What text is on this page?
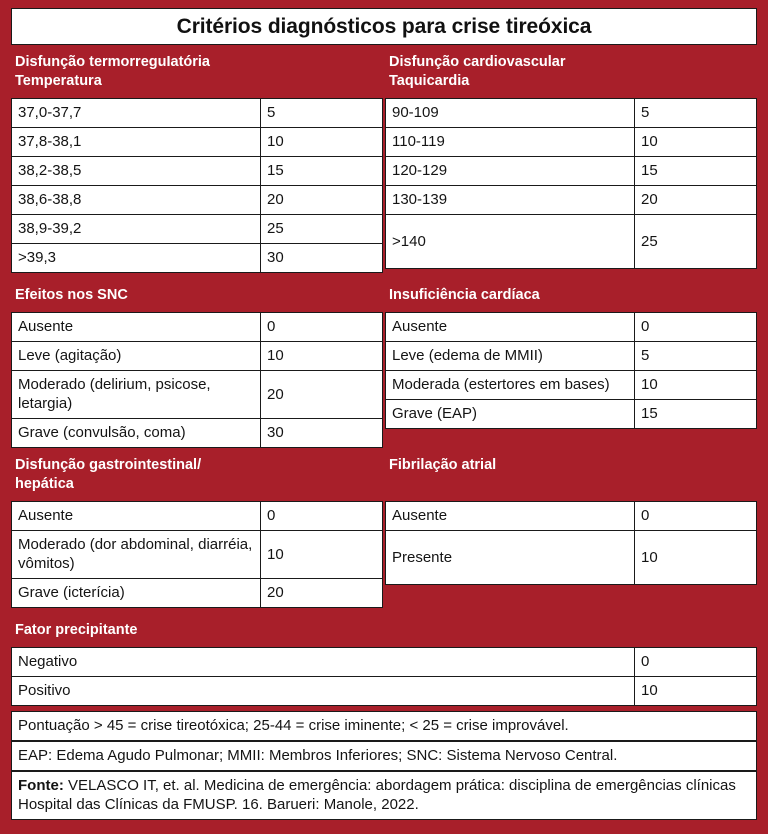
Critérios diagnósticos para crise tireóxica
Disfunção termorreguIatória
Temperatura
37,0-37,7	5
37,8-38,1	10
38,2-38,5	15
38,6-38,8	20
38,9-39,2	25
>39,3	30
Disfunção cardiovascular
Taquicardia
90-109	5
110-119	10
120-129	15
130-139	20
>140	25
Efeitos nos SNC
Ausente	0
Leve (agitação)	10
Moderado (delirium, psicose, letargia)	20
Grave (convulsão, coma)	30
Insuficiência cardíaca
Ausente	0
Leve (edema de MMII)	5
Moderada (estertores em bases)	10
Grave (EAP)	15
Disfunção gastrointestinal/
hepática
Ausente	0
Moderado (dor abdominal, diarréia, vômitos)	10
Grave (icterícia)	20
Fibrilação atrial

Ausente	0
Presente	10
Fator precipitante
Negativo	0
Positivo	10
Pontuação > 45 = crise tireotóxica; 25-44 = crise iminente; < 25 = crise improvável.
EAP: Edema Agudo Pulmonar; MMII: Membros Inferiores; SNC: Sistema Nervoso Central.
Fonte: VELASCO IT, et. al. Medicina de emergência: abordagem prática: disciplina de emergências clínicas Hospital das Clínicas da FMUSP. 16. Barueri: Manole, 2022.
